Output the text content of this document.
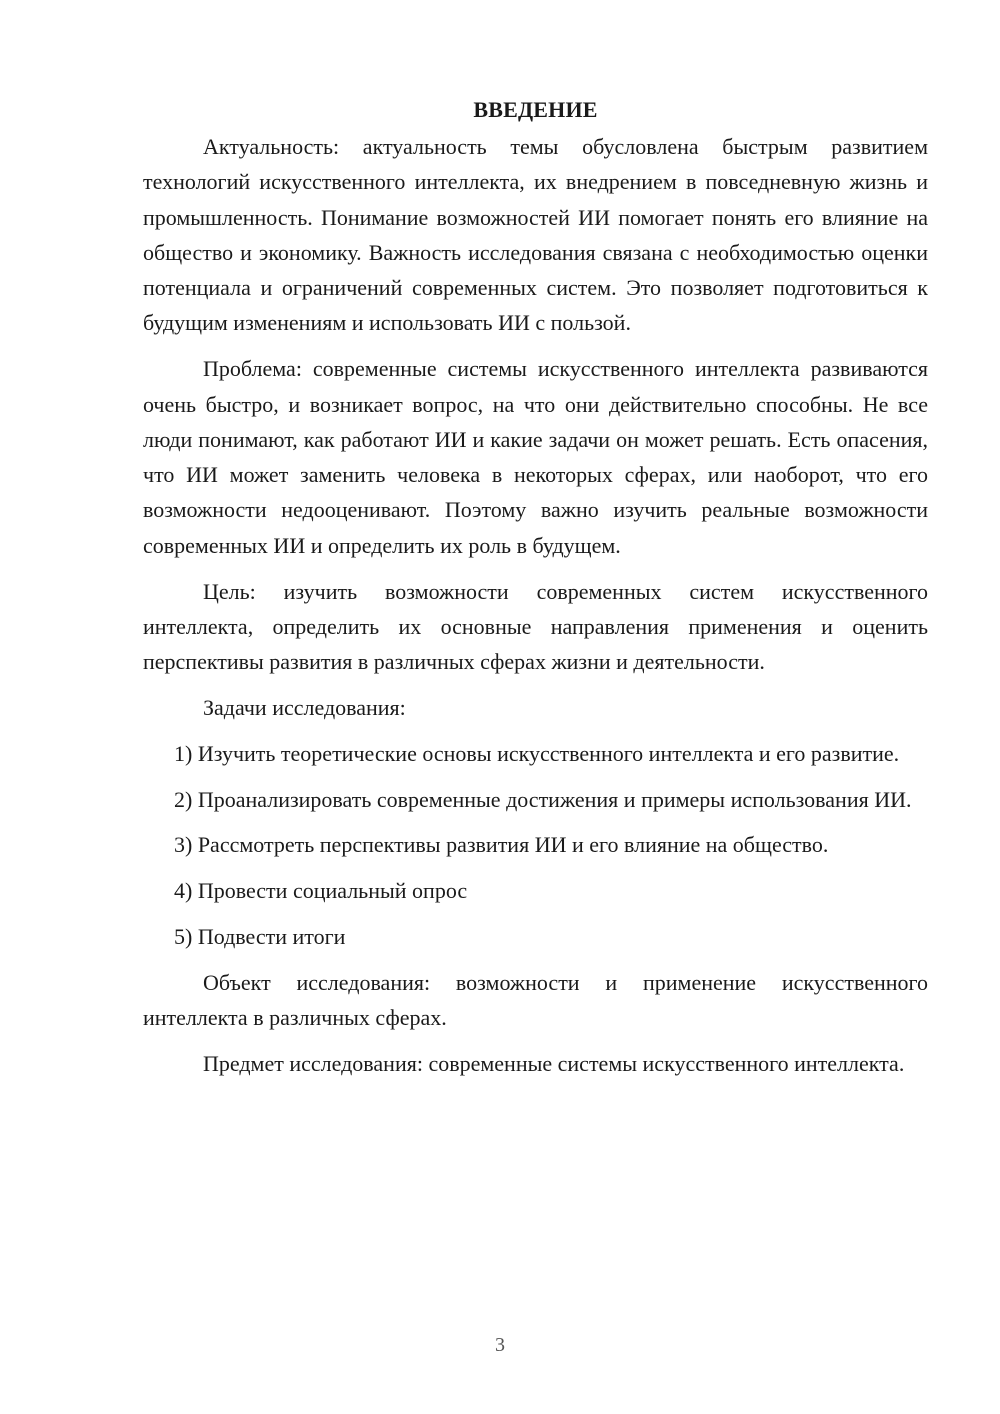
ВВЕДЕНИЕ

Актуальность: актуальность темы обусловлена быстрым развитием технологий искусственного интеллекта, их внедрением в повседневную жизнь и промышленность. Понимание возможностей ИИ помогает понять его влияние на общество и экономику. Важность исследования связана с необходимостью оценки потенциала и ограничений современных систем. Это позволяет подготовиться к будущим изменениям и использовать ИИ с пользой.

Проблема: современные системы искусственного интеллекта развиваются очень быстро, и возникает вопрос, на что они действительно способны. Не все люди понимают, как работают ИИ и какие задачи он может решать. Есть опасения, что ИИ может заменить человека в некоторых сферах, или наоборот, что его возможности недооценивают. Поэтому важно изучить реальные возможности современных ИИ и определить их роль в будущем.

Цель: изучить возможности современных систем искусственного интеллекта, определить их основные направления применения и оценить перспективы развития в различных сферах жизни и деятельности.

Задачи исследования:

1) Изучить теоретические основы искусственного интеллекта и его развитие.

2) Проанализировать современные достижения и примеры использования ИИ.

3) Рассмотреть перспективы развития ИИ и его влияние на общество.

4) Провести социальный опрос

5) Подвести итоги

Объект исследования: возможности и применение искусственного интеллекта в различных сферах.

Предмет исследования: современные системы искусственного интеллекта.

3
